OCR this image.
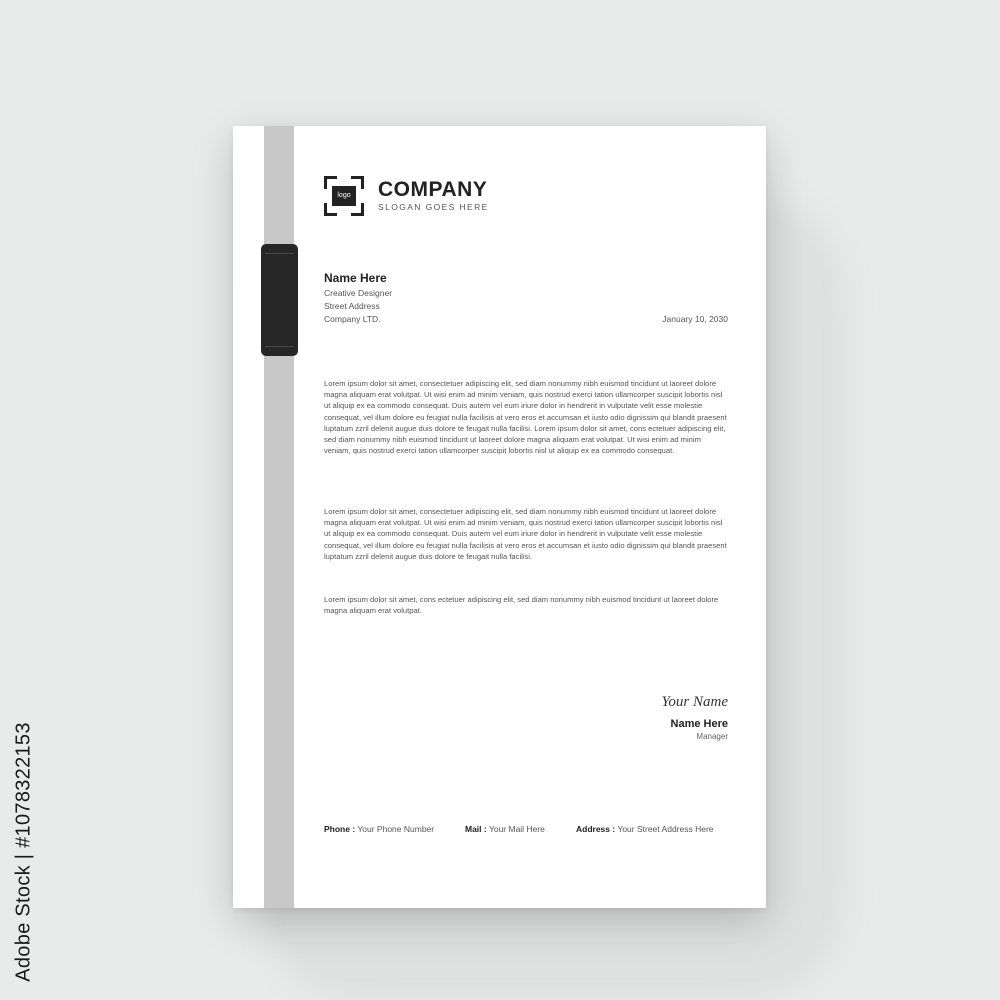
logo COMPANY
SLOGAN GOES HERE
Name Here
Creative Designer
Street Address
Company LTD.	January 10, 2030

Lorem ipsum dolor sit amet, consectetuer adipiscing elit, sed diam nonummy nibh euismod tincidunt ut laoreet dolore magna aliquam erat volutpat. Ut wisi enim ad minim veniam, quis nostrud exerci tation ullamcorper suscipit lobortis nisl ut aliquip ex ea commodo consequat. Duis autem vel eum iriure dolor in hendrerit in vulputate velit esse molestie consequat, vel illum dolore eu feugiat nulla facilisis at vero eros et accumsan et iusto odio dignissim qui blandit praesent luptatum zzril delenit augue duis dolore te feugait nulla facilisi. Lorem ipsum dolor sit amet, cons ectetuer adipiscing elit, sed diam nonummy nibh euismod tincidunt ut laoreet dolore magna aliquam erat volutpat. Ut wisi enim ad minim veniam, quis nostrud exerci tation ullamcorper suscipit lobortis nisl ut aliquip ex ea commodo consequat.

Lorem ipsum dolor sit amet, consectetuer adipiscing elit, sed diam nonummy nibh euismod tincidunt ut laoreet dolore magna aliquam erat volutpat. Ut wisi enim ad minim veniam, quis nostrud exerci tation ullamcorper suscipit lobortis nisl ut aliquip ex ea commodo consequat. Duis autem vel eum iriure dolor in hendrerit in vulputate velit esse molestie consequat, vel illum dolore eu feugiat nulla facilisis at vero eros et accumsan et iusto odio dignissim qui blandit praesent luptatum zzril delenit augue duis dolore te feugait nulla facilisi.

Lorem ipsum dolor sit amet, cons ectetuer adipiscing elit, sed diam nonummy nibh euismod tincidunt ut laoreet dolore magna aliquam erat volutpat.

Your Name
Name Here
Manager
Phone : Your Phone Number	Mail : Your Mail Here	Address : Your Street Address Here
Adobe Stock | #1078322153
